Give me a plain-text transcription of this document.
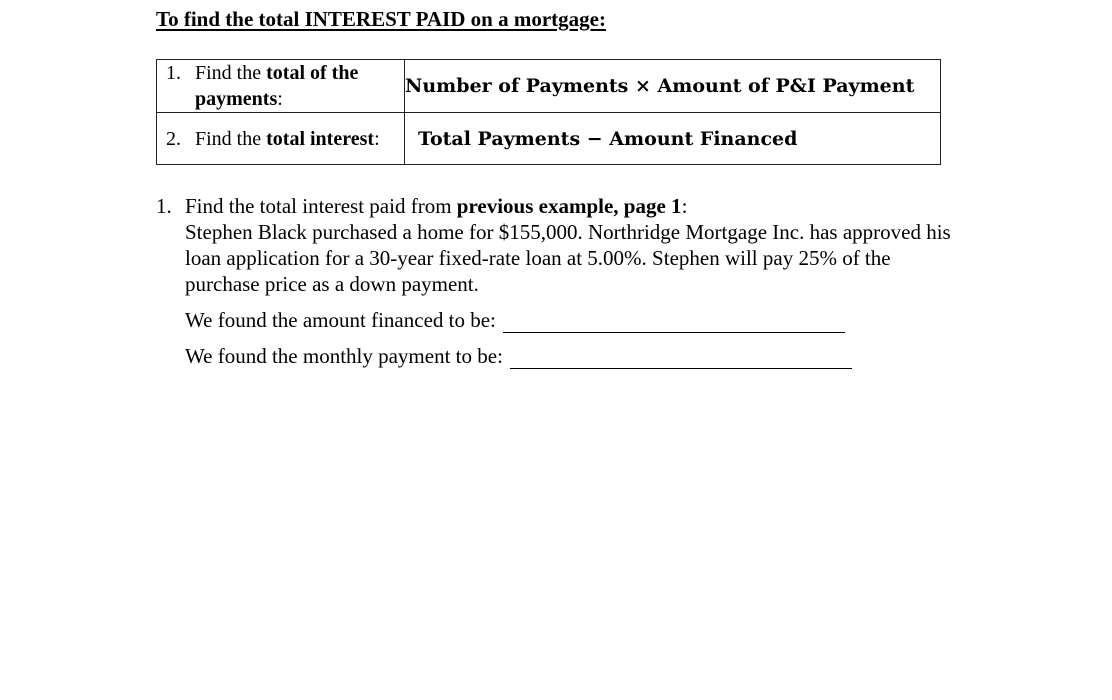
To find the total INTEREST PAID on a mortgage:
1. Find the total of the payments:	Number of Payments × Amount of P&I Payment

2. Find the total interest:	Total Payments − Amount Financed
1. Find the total interest paid from previous example, page 1:
Stephen Black purchased a home for $155,000. Northridge Mortgage Inc. has approved his loan application for a 30-year fixed-rate loan at 5.00%. Stephen will pay 25% of the purchase price as a down payment.
We found the amount financed to be:
We found the monthly payment to be:
